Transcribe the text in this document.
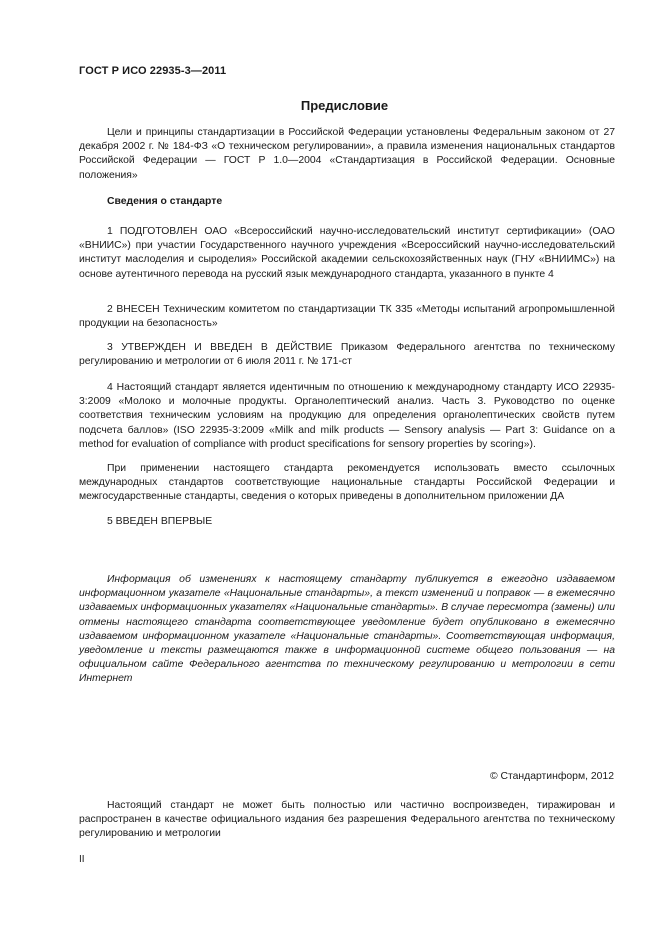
ГОСТ Р ИСО 22935-3—2011
Предисловие

Цели и принципы стандартизации в Российской Федерации установлены Федеральным законом от 27 декабря 2002 г. № 184-ФЗ «О техническом регулировании», а правила изменения национальных стандартов Российской Федерации — ГОСТ Р 1.0—2004 «Стандартизация в Российской Федерации. Основные положения»

Сведения о стандарте

1 ПОДГОТОВЛЕН ОАО «Всероссийский научно-исследовательский институт сертификации» (ОАО «ВНИИС») при участии Государственного научного учреждения «Всероссийский научно-исследовательский институт маслоделия и сыроделия» Российской академии сельскохозяйственных наук (ГНУ «ВНИИМС») на основе аутентичного перевода на русский язык международного стандарта, указанного в пункте 4

2 ВНЕСЕН Техническим комитетом по стандартизации ТК 335 «Методы испытаний агропромышленной продукции на безопасность»

3 УТВЕРЖДЕН И ВВЕДЕН В ДЕЙСТВИЕ Приказом Федерального агентства по техническому регулированию и метрологии от 6 июля 2011 г. № 171-ст

4 Настоящий стандарт является идентичным по отношению к международному стандарту ИСО 22935-3:2009 «Молоко и молочные продукты. Органолептический анализ. Часть 3. Руководство по оценке соответствия техническим условиям на продукцию для определения органолептических свойств путем подсчета баллов» (ISO 22935-3:2009 «Milk and milk products — Sensory analysis — Part 3: Guidance on a method for evaluation of compliance with product specifications for sensory properties by scoring»).

При применении настоящего стандарта рекомендуется использовать вместо ссылочных международных стандартов соответствующие национальные стандарты Российской Федерации и межгосударственные стандарты, сведения о которых приведены в дополнительном приложении ДА

5 ВВЕДЕН ВПЕРВЫЕ

Информация об изменениях к настоящему стандарту публикуется в ежегодно издаваемом информационном указателе «Национальные стандарты», а текст изменений и поправок — в ежемесячно издаваемых информационных указателях «Национальные стандарты». В случае пересмотра (замены) или отмены настоящего стандарта соответствующее уведомление будет опубликовано в ежемесячно издаваемом информационном указателе «Национальные стандарты». Соответствующая информация, уведомление и тексты размещаются также в информационной системе общего пользования — на официальном сайте Федерального агентства по техническому регулированию и метрологии в сети Интернет

© Стандартинформ, 2012

Настоящий стандарт не может быть полностью или частично воспроизведен, тиражирован и распространен в качестве официального издания без разрешения Федерального агентства по техническому регулированию и метрологии

II
